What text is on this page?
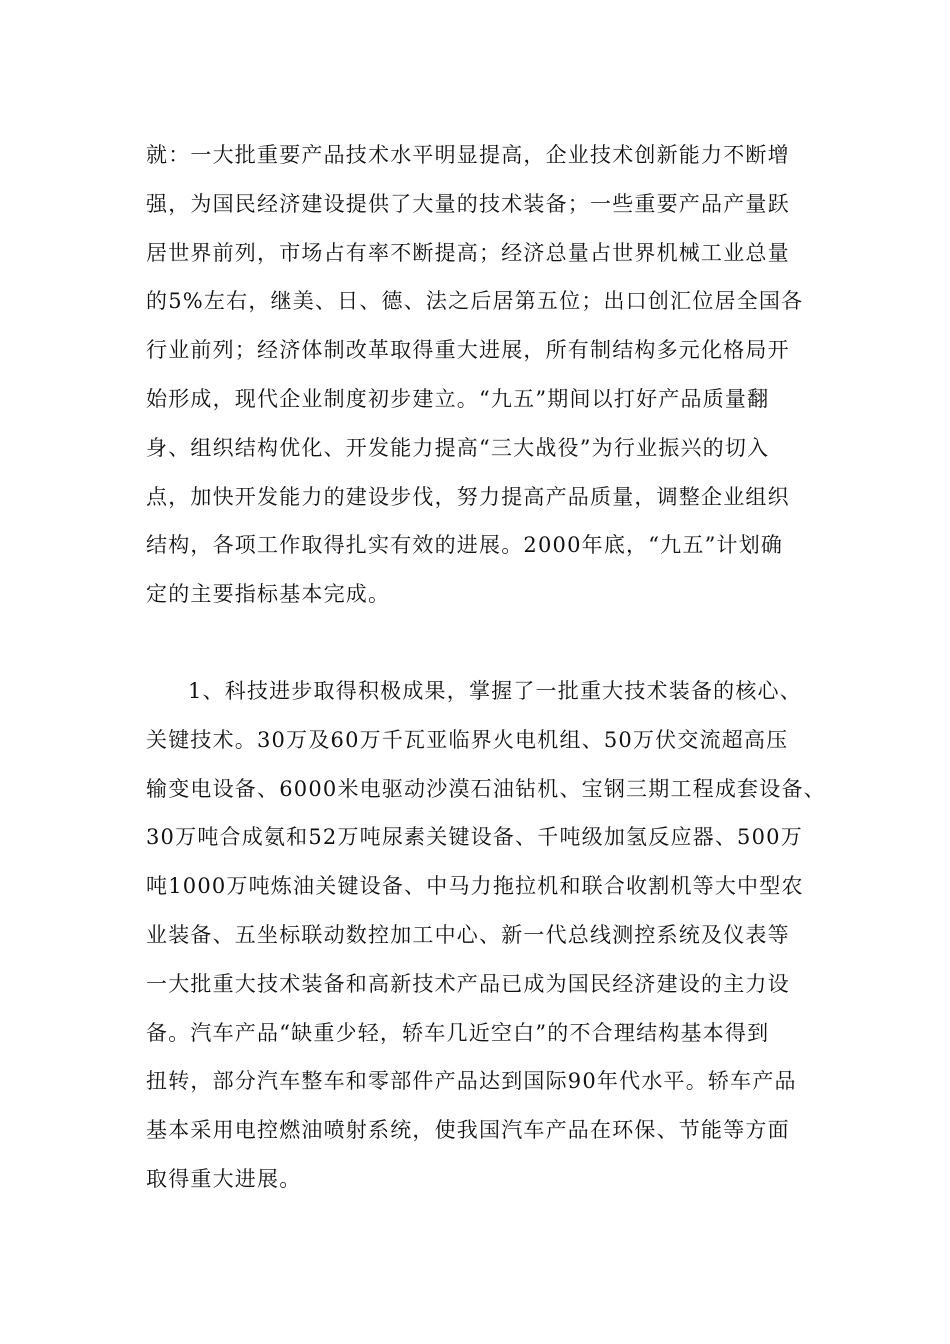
就：一大批重要产品技术水平明显提高，企业技术创新能力不断增
强，为国民经济建设提供了大量的技术装备；一些重要产品产量跃
居世界前列，市场占有率不断提高；经济总量占世界机械工业总量
的5%左右，继美、日、德、法之后居第五位；出口创汇位居全国各
行业前列；经济体制改革取得重大进展，所有制结构多元化格局开
始形成，现代企业制度初步建立。“九五”期间以打好产品质量翻
身、组织结构优化、开发能力提高“三大战役”为行业振兴的切入
点，加快开发能力的建设步伐，努力提高产品质量，调整企业组织
结构，各项工作取得扎实有效的进展。2000年底，“九五”计划确
定的主要指标基本完成。
1、科技进步取得积极成果，掌握了一批重大技术装备的核心、
关键技术。30万及60万千瓦亚临界火电机组、50万伏交流超高压
输变电设备、6000米电驱动沙漠石油钻机、宝钢三期工程成套设备、
30万吨合成氨和52万吨尿素关键设备、千吨级加氢反应器、500万
吨1000万吨炼油关键设备、中马力拖拉机和联合收割机等大中型农
业装备、五坐标联动数控加工中心、新一代总线测控系统及仪表等
一大批重大技术装备和高新技术产品已成为国民经济建设的主力设
备。汽车产品“缺重少轻，轿车几近空白”的不合理结构基本得到
扭转，部分汽车整车和零部件产品达到国际90年代水平。轿车产品
基本采用电控燃油喷射系统，使我国汽车产品在环保、节能等方面
取得重大进展。
